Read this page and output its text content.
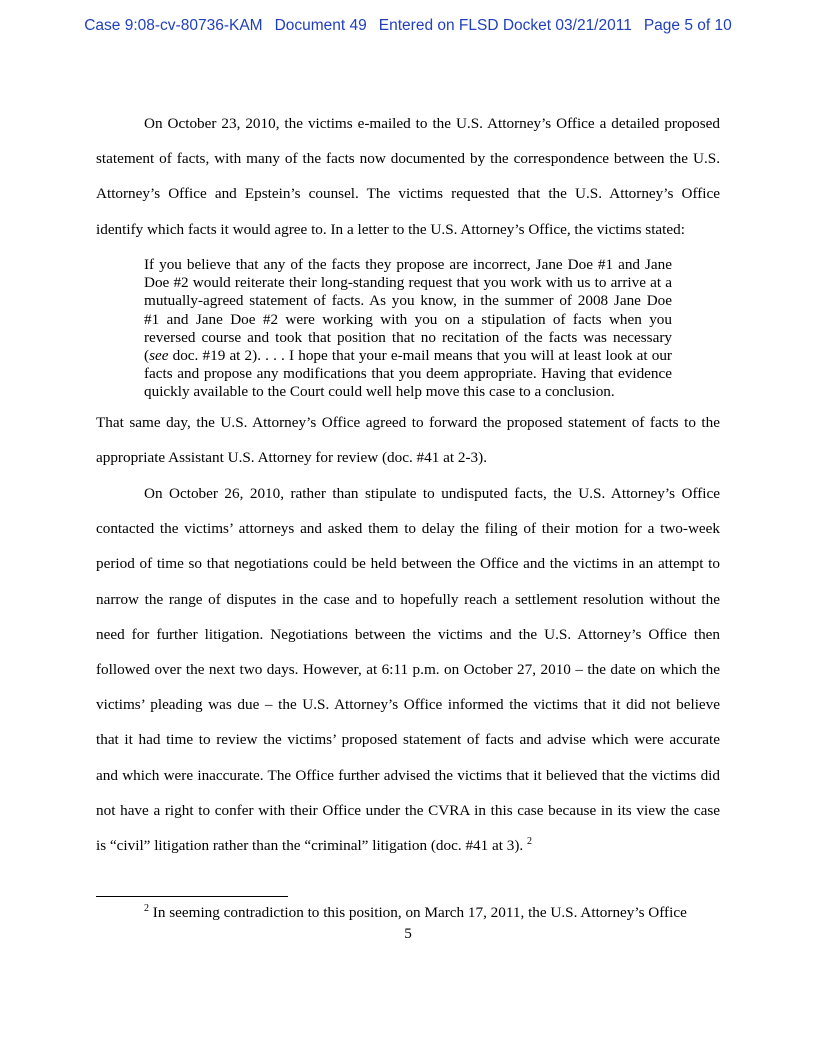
Case 9:08-cv-80736-KAM Document 49 Entered on FLSD Docket 03/21/2011 Page 5 of 10
On October 23, 2010, the victims e-mailed to the U.S. Attorney’s Office a detailed proposed
statement of facts, with many of the facts now documented by the correspondence between the U.S.
Attorney’s Office and Epstein’s counsel. The victims requested that the U.S. Attorney’s Office
identify which facts it would agree to. In a letter to the U.S. Attorney’s Office, the victims stated:
If you believe that any of the facts they propose are incorrect, Jane Doe #1 and Jane
Doe #2 would reiterate their long-standing request that you work with us to arrive at a
mutually-agreed statement of facts. As you know, in the summer of 2008 Jane Doe
#1 and Jane Doe #2 were working with you on a stipulation of facts when you
reversed course and took that position that no recitation of the facts was necessary
(see doc. #19 at 2). . . . I hope that your e-mail means that you will at least look at our
facts and propose any modifications that you deem appropriate. Having that evidence
quickly available to the Court could well help move this case to a conclusion.
That same day, the U.S. Attorney’s Office agreed to forward the proposed statement of facts to the
appropriate Assistant U.S. Attorney for review (doc. #41 at 2-3).
On October 26, 2010, rather than stipulate to undisputed facts, the U.S. Attorney’s Office
contacted the victims’ attorneys and asked them to delay the filing of their motion for a two-week
period of time so that negotiations could be held between the Office and the victims in an attempt to
narrow the range of disputes in the case and to hopefully reach a settlement resolution without the
need for further litigation. Negotiations between the victims and the U.S. Attorney’s Office then
followed over the next two days. However, at 6:11 p.m. on October 27, 2010 – the date on which the
victims’ pleading was due – the U.S. Attorney’s Office informed the victims that it did not believe
that it had time to review the victims’ proposed statement of facts and advise which were accurate
and which were inaccurate. The Office further advised the victims that it believed that the victims did
not have a right to confer with their Office under the CVRA in this case because in its view the case
is “civil” litigation rather than the “criminal” litigation (doc. #41 at 3). $^2$

$^2$ In seeming contradiction to this position, on March 17, 2011, the U.S. Attorney’s Office

5
